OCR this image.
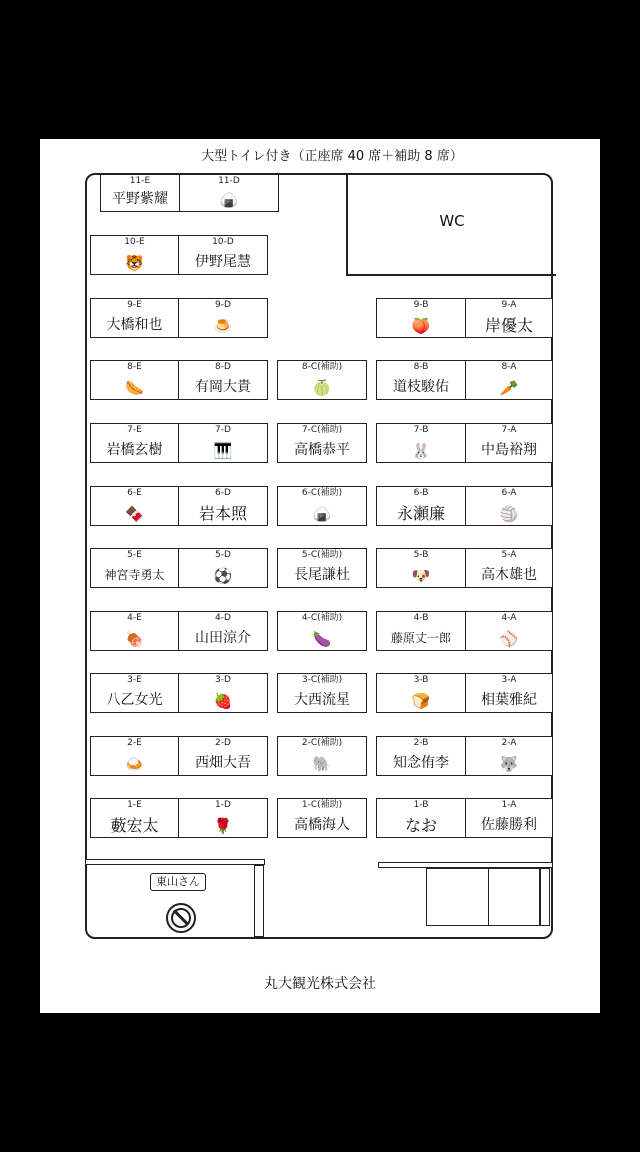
大型トイレ付き（正座席 40 席＋補助 8 席）
WC
11-E
平野紫耀
11-D
🍙
10-E
🐯
10-D
伊野尾慧
9-E
大橋和也
9-D
🍮
9-B
🍑
9-A
岸優太
8-E
🌭
8-D
有岡大貴
8-C(補助)
🍈
8-B
道枝駿佑
8-A
🥕
7-E
岩橋玄樹
7-D
🎹
7-C(補助)
高橋恭平
7-B
🐰
7-A
中島裕翔
6-E
🍫
6-D
岩本照
6-C(補助)
🍙
6-B
永瀬廉
6-A
🏐
5-E
神宮寺勇太
5-D
⚽
5-C(補助)
長尾謙杜
5-B
🐶
5-A
高木雄也
4-E
🍖
4-D
山田涼介
4-C(補助)
🍆
4-B
藤原丈一郎
4-A
⚾
3-E
八乙女光
3-D
🍓
3-C(補助)
大西流星
3-B
🍞
3-A
相葉雅紀
2-E
🍛
2-D
西畑大吾
2-C(補助)
🐘
2-B
知念侑李
2-A
🐺
1-E
藪宏太
1-D
🌹
1-C(補助)
高橋海人
1-B
なお
1-A
佐藤勝利
東山さん
丸大観光株式会社
